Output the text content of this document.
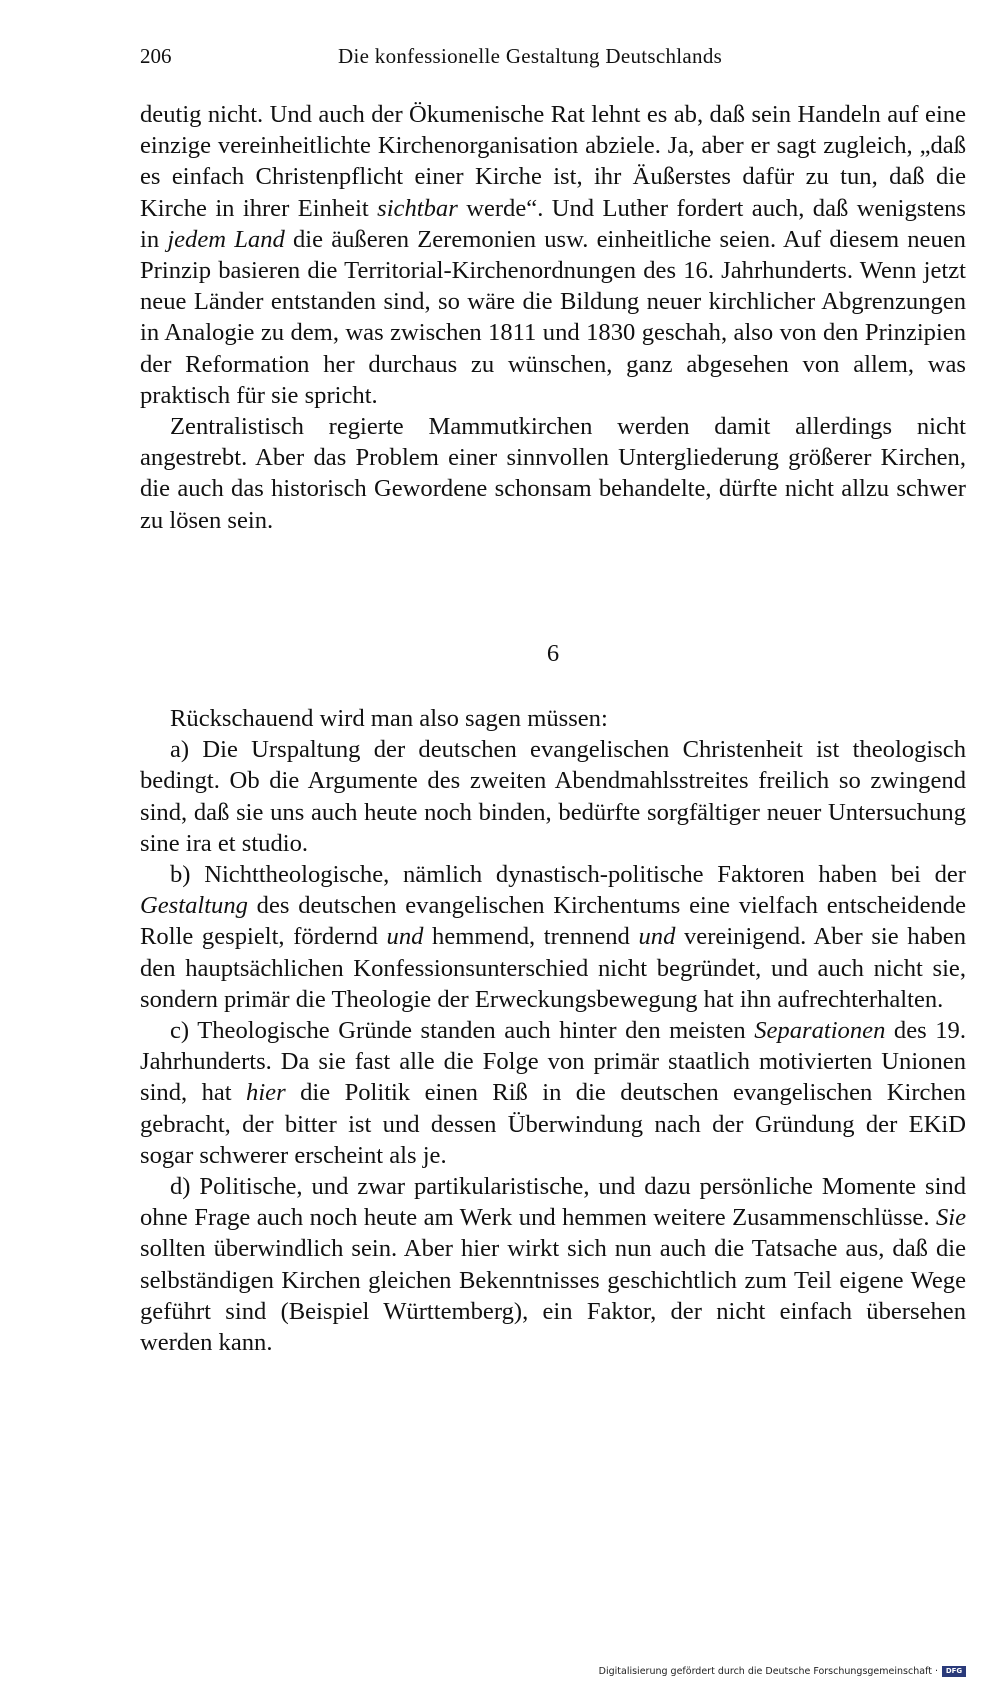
206	Die konfessionelle Gestaltung Deutschlands

deutig nicht. Und auch der Ökumenische Rat lehnt es ab, daß sein Handeln auf eine einzige vereinheitlichte Kirchenorganisation abziele. Ja, aber er sagt zugleich, „daß es einfach Christenpflicht einer Kirche ist, ihr Äußerstes dafür zu tun, daß die Kirche in ihrer Einheit sichtbar werde“. Und Luther fordert auch, daß wenigstens in jedem Land die äußeren Zeremonien usw. einheitliche seien. Auf diesem neuen Prinzip basieren die Territorial-Kirchenordnungen des 16. Jahrhunderts. Wenn jetzt neue Länder entstanden sind, so wäre die Bildung neuer kirchlicher Abgrenzungen in Analogie zu dem, was zwischen 1811 und 1830 geschah, also von den Prinzipien der Reformation her durchaus zu wünschen, ganz abgesehen von allem, was praktisch für sie spricht.

Zentralistisch regierte Mammutkirchen werden damit allerdings nicht angestrebt. Aber das Problem einer sinnvollen Untergliederung größerer Kirchen, die auch das historisch Gewordene schonsam behandelte, dürfte nicht allzu schwer zu lösen sein.

6

Rückschauend wird man also sagen müssen:

a) Die Urspaltung der deutschen evangelischen Christenheit ist theologisch bedingt. Ob die Argumente des zweiten Abendmahlsstreites freilich so zwingend sind, daß sie uns auch heute noch binden, bedürfte sorgfältiger neuer Untersuchung sine ira et studio.

b) Nichttheologische, nämlich dynastisch-politische Faktoren haben bei der Gestaltung des deutschen evangelischen Kirchentums eine vielfach entscheidende Rolle gespielt, fördernd und hemmend, trennend und vereinigend. Aber sie haben den hauptsächlichen Konfessionsunterschied nicht begründet, und auch nicht sie, sondern primär die Theologie der Erweckungsbewegung hat ihn aufrechterhalten.

c) Theologische Gründe standen auch hinter den meisten Separationen des 19. Jahrhunderts. Da sie fast alle die Folge von primär staatlich motivierten Unionen sind, hat hier die Politik einen Riß in die deutschen evangelischen Kirchen gebracht, der bitter ist und dessen Überwindung nach der Gründung der EKiD sogar schwerer erscheint als je.

d) Politische, und zwar partikularistische, und dazu persönliche Momente sind ohne Frage auch noch heute am Werk und hemmen weitere Zusammenschlüsse. Sie sollten überwindlich sein. Aber hier wirkt sich nun auch die Tatsache aus, daß die selbständigen Kirchen gleichen Bekenntnisses geschichtlich zum Teil eigene Wege geführt sind (Beispiel Württemberg), ein Faktor, der nicht einfach übersehen werden kann.

Digitalisierung gefördert durch die Deutsche Forschungsgemeinschaft ·	DFG
